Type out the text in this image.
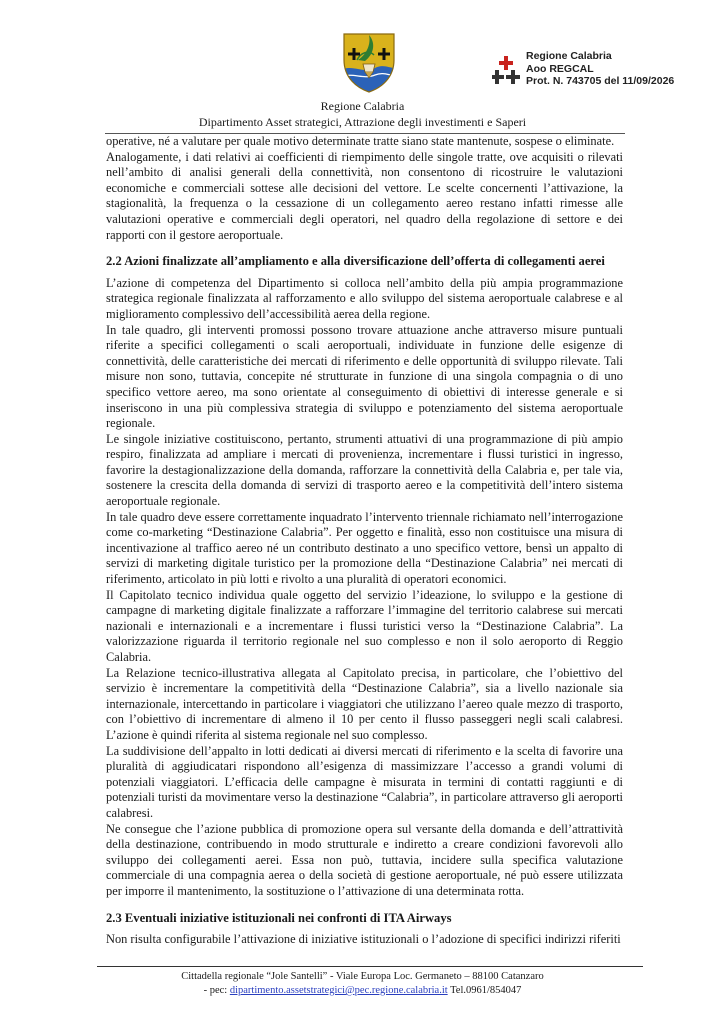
Regione Calabria
Aoo REGCAL
Prot. N. 743705 del 11/09/2026
Regione Calabria
Dipartimento Asset strategici, Attrazione degli investimenti e Saperi

operative, né a valutare per quale motivo determinate tratte siano state mantenute, sospese o eliminate.

Analogamente, i dati relativi ai coefficienti di riempimento delle singole tratte, ove acquisiti o rilevati nell’ambito di analisi generali della connettività, non consentono di ricostruire le valutazioni economiche e commerciali sottese alle decisioni del vettore. Le scelte concernenti l’attivazione, la stagionalità, la frequenza o la cessazione di un collegamento aereo restano infatti rimesse alle valutazioni operative e commerciali degli operatori, nel quadro della regolazione di settore e dei rapporti con il gestore aeroportuale.

2.2 Azioni finalizzate all’ampliamento e alla diversificazione dell’offerta di collegamenti aerei

L’azione di competenza del Dipartimento si colloca nell’ambito della più ampia programmazione strategica regionale finalizzata al rafforzamento e allo sviluppo del sistema aeroportuale calabrese e al miglioramento complessivo dell’accessibilità aerea della regione.

In tale quadro, gli interventi promossi possono trovare attuazione anche attraverso misure puntuali riferite a specifici collegamenti o scali aeroportuali, individuate in funzione delle esigenze di connettività, delle caratteristiche dei mercati di riferimento e delle opportunità di sviluppo rilevate. Tali misure non sono, tuttavia, concepite né strutturate in funzione di una singola compagnia o di uno specifico vettore aereo, ma sono orientate al conseguimento di obiettivi di interesse generale e si inseriscono in una più complessiva strategia di sviluppo e potenziamento del sistema aeroportuale regionale.

Le singole iniziative costituiscono, pertanto, strumenti attuativi di una programmazione di più ampio respiro, finalizzata ad ampliare i mercati di provenienza, incrementare i flussi turistici in ingresso, favorire la destagionalizzazione della domanda, rafforzare la connettività della Calabria e, per tale via, sostenere la crescita della domanda di servizi di trasporto aereo e la competitività dell’intero sistema aeroportuale regionale.

In tale quadro deve essere correttamente inquadrato l’intervento triennale richiamato nell’interrogazione come co-marketing “Destinazione Calabria”. Per oggetto e finalità, esso non costituisce una misura di incentivazione al traffico aereo né un contributo destinato a uno specifico vettore, bensì un appalto di servizi di marketing digitale turistico per la promozione della “Destinazione Calabria” nei mercati di riferimento, articolato in più lotti e rivolto a una pluralità di operatori economici.

Il Capitolato tecnico individua quale oggetto del servizio l’ideazione, lo sviluppo e la gestione di campagne di marketing digitale finalizzate a rafforzare l’immagine del territorio calabrese sui mercati nazionali e internazionali e a incrementare i flussi turistici verso la “Destinazione Calabria”. La valorizzazione riguarda il territorio regionale nel suo complesso e non il solo aeroporto di Reggio Calabria.

La Relazione tecnico-illustrativa allegata al Capitolato precisa, in particolare, che l’obiettivo del servizio è incrementare la competitività della “Destinazione Calabria”, sia a livello nazionale sia internazionale, intercettando in particolare i viaggiatori che utilizzano l’aereo quale mezzo di trasporto, con l’obiettivo di incrementare di almeno il 10 per cento il flusso passeggeri negli scali calabresi. L’azione è quindi riferita al sistema regionale nel suo complesso.

La suddivisione dell’appalto in lotti dedicati ai diversi mercati di riferimento e la scelta di favorire una pluralità di aggiudicatari rispondono all’esigenza di massimizzare l’accesso a grandi volumi di potenziali viaggiatori. L’efficacia delle campagne è misurata in termini di contatti raggiunti e di potenziali turisti da movimentare verso la destinazione “Calabria”, in particolare attraverso gli aeroporti calabresi.

Ne consegue che l’azione pubblica di promozione opera sul versante della domanda e dell’attrattività della destinazione, contribuendo in modo strutturale e indiretto a creare condizioni favorevoli allo sviluppo dei collegamenti aerei. Essa non può, tuttavia, incidere sulla specifica valutazione commerciale di una compagnia aerea o della società di gestione aeroportuale, né può essere utilizzata per imporre il mantenimento, la sostituzione o l’attivazione di una determinata rotta.

2.3 Eventuali iniziative istituzionali nei confronti di ITA Airways

Non risulta configurabile l’attivazione di iniziative istituzionali o l’adozione di specifici indirizzi riferiti

Cittadella regionale “Jole Santelli” - Viale Europa Loc. Germaneto – 88100 Catanzaro
- pec: dipartimento.assetstrategici@pec.regione.calabria.it Tel.0961/854047
